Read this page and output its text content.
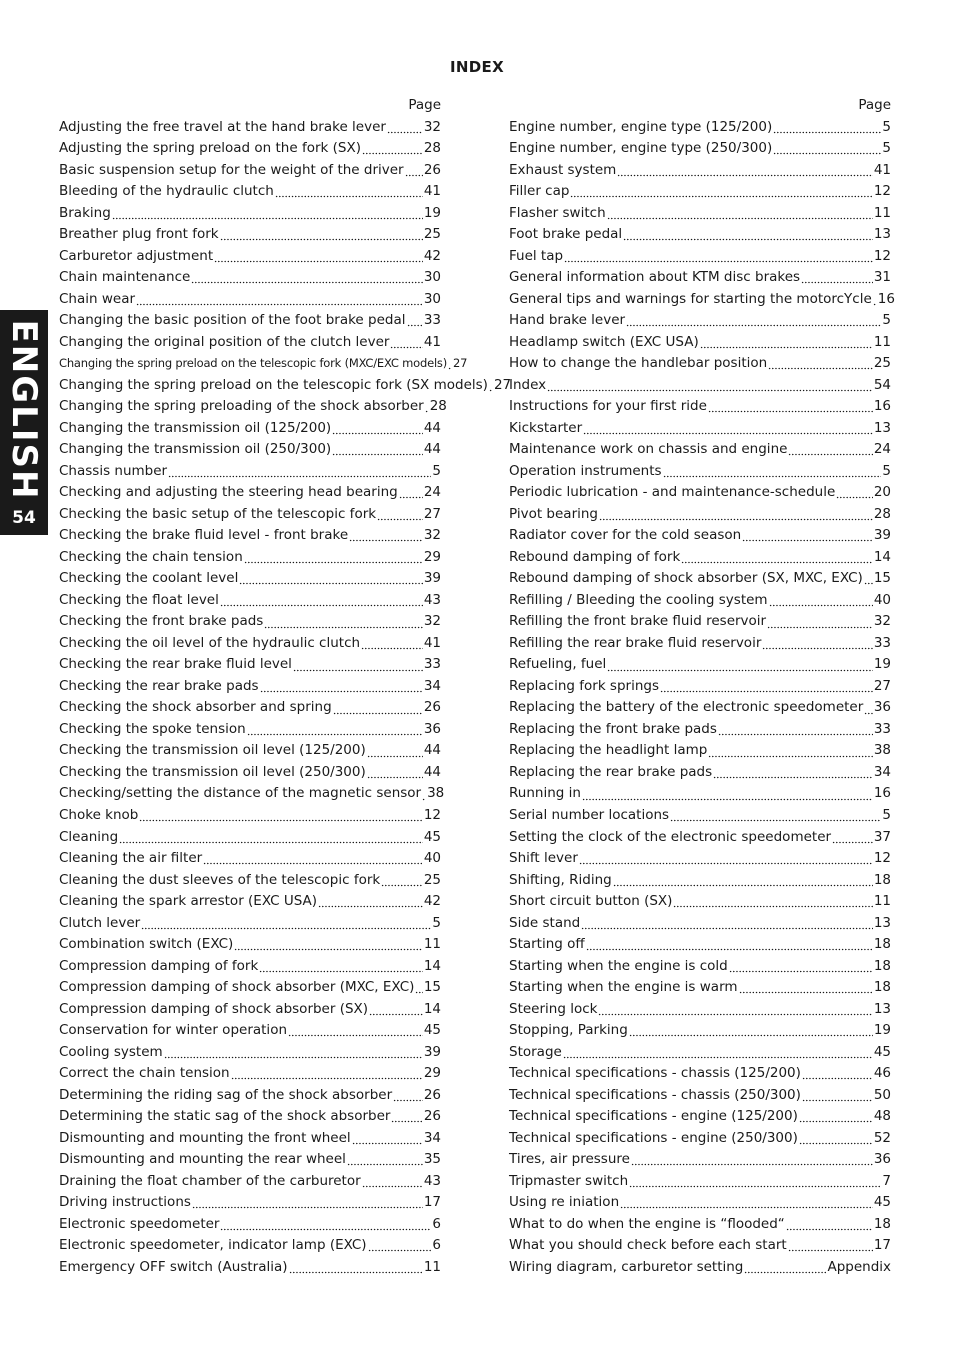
INDEX
ENGLISH
54
Page
Adjusting the free travel at the hand brake lever	32
Adjusting the spring preload on the fork (SX)	28
Basic suspension setup for the weight of the driver 26
Bleeding of the hydraulic clutch	41
Braking	19
Breather plug front fork	25
Carburetor adjustment	42
Chain maintenance	30
Chain wear	30
Changing the basic position of the foot brake pedal 33
Changing the original position of the clutch lever	41
Changing the spring preload on the telescopic fork (MXC/EXC models) 27
Changing the spring preload on the telescopic fork (SX models) 27
Changing the spring preloading of the shock absorber 28
Changing the transmission oil (125/200)	44
Changing the transmission oil (250/300)	44
Chassis number	5
Checking and adjusting the steering head bearing 24
Checking the basic setup of the telescopic fork	27
Checking the brake fluid level - front brake	32
Checking the chain tension	29
Checking the coolant level	39
Checking the float level	43
Checking the front brake pads	32
Checking the oil level of the hydraulic clutch	41
Checking the rear brake fluid level	33
Checking the rear brake pads	34
Checking the shock absorber and spring	26
Checking the spoke tension	36
Checking the transmission oil level (125/200)	44
Checking the transmission oil level (250/300)	44
Checking/setting the distance of the magnetic sensor 38
Choke knob	12
Cleaning	45
Cleaning the air filter	40
Cleaning the dust sleeves of the telescopic fork	25
Cleaning the spark arrestor (EXC USA)	42
Clutch lever	5
Combination switch (EXC)	11
Compression damping of fork	14
Compression damping of shock absorber (MXC, EXC) 15
Compression damping of shock absorber (SX)	14
Conservation for winter operation	45
Cooling system	39
Correct the chain tension	29
Determining the riding sag of the shock absorber 26
Determining the static sag of the shock absorber 26
Dismounting and mounting the front wheel	34
Dismounting and mounting the rear wheel	35
Draining the float chamber of the carburetor	43
Driving instructions	17
Electronic speedometer	6
Electronic speedometer, indicator lamp (EXC)	6
Emergency OFF switch (Australia)	11
Page
Engine number, engine type (125/200)	5
Engine number, engine type (250/300)	5
Exhaust system	41
Filler cap	12
Flasher switch	11
Foot brake pedal	13
Fuel tap	12
General information about KTM disc brakes	31
General tips and warnings for starting the motorcYcle 16
Hand brake lever	5
Headlamp switch (EXC USA)	11
How to change the handlebar position	25
Index	54
Instructions for your first ride	16
Kickstarter	13
Maintenance work on chassis and engine	24
Operation instruments	5
Periodic lubrication - and maintenance-schedule	20
Pivot bearing	28
Radiator cover for the cold season	39
Rebound damping of fork	14
Rebound damping of shock absorber (SX, MXC, EXC) 15
Refilling / Bleeding the cooling system	40
Refilling the front brake fluid reservoir	32
Refilling the rear brake fluid reservoir	33
Refueling, fuel	19
Replacing fork springs	27
Replacing the battery of the electronic speedometer 36
Replacing the front brake pads	33
Replacing the headlight lamp	38
Replacing the rear brake pads	34
Running in	16
Serial number locations	5
Setting the clock of the electronic speedometer	37
Shift lever	12
Shifting, Riding	18
Short circuit button (SX)	11
Side stand	13
Starting off	18
Starting when the engine is cold	18
Starting when the engine is warm	18
Steering lock	13
Stopping, Parking	19
Storage	45
Technical specifications - chassis (125/200)	46
Technical specifications - chassis (250/300)	50
Technical specifications - engine (125/200)	48
Technical specifications - engine (250/300)	52
Tires, air pressure	36
Tripmaster switch	7
Using re iniation	45
What to do when the engine is “flooded“	18
What you should check before each start	17
Wiring diagram, carburetor setting	Appendix
